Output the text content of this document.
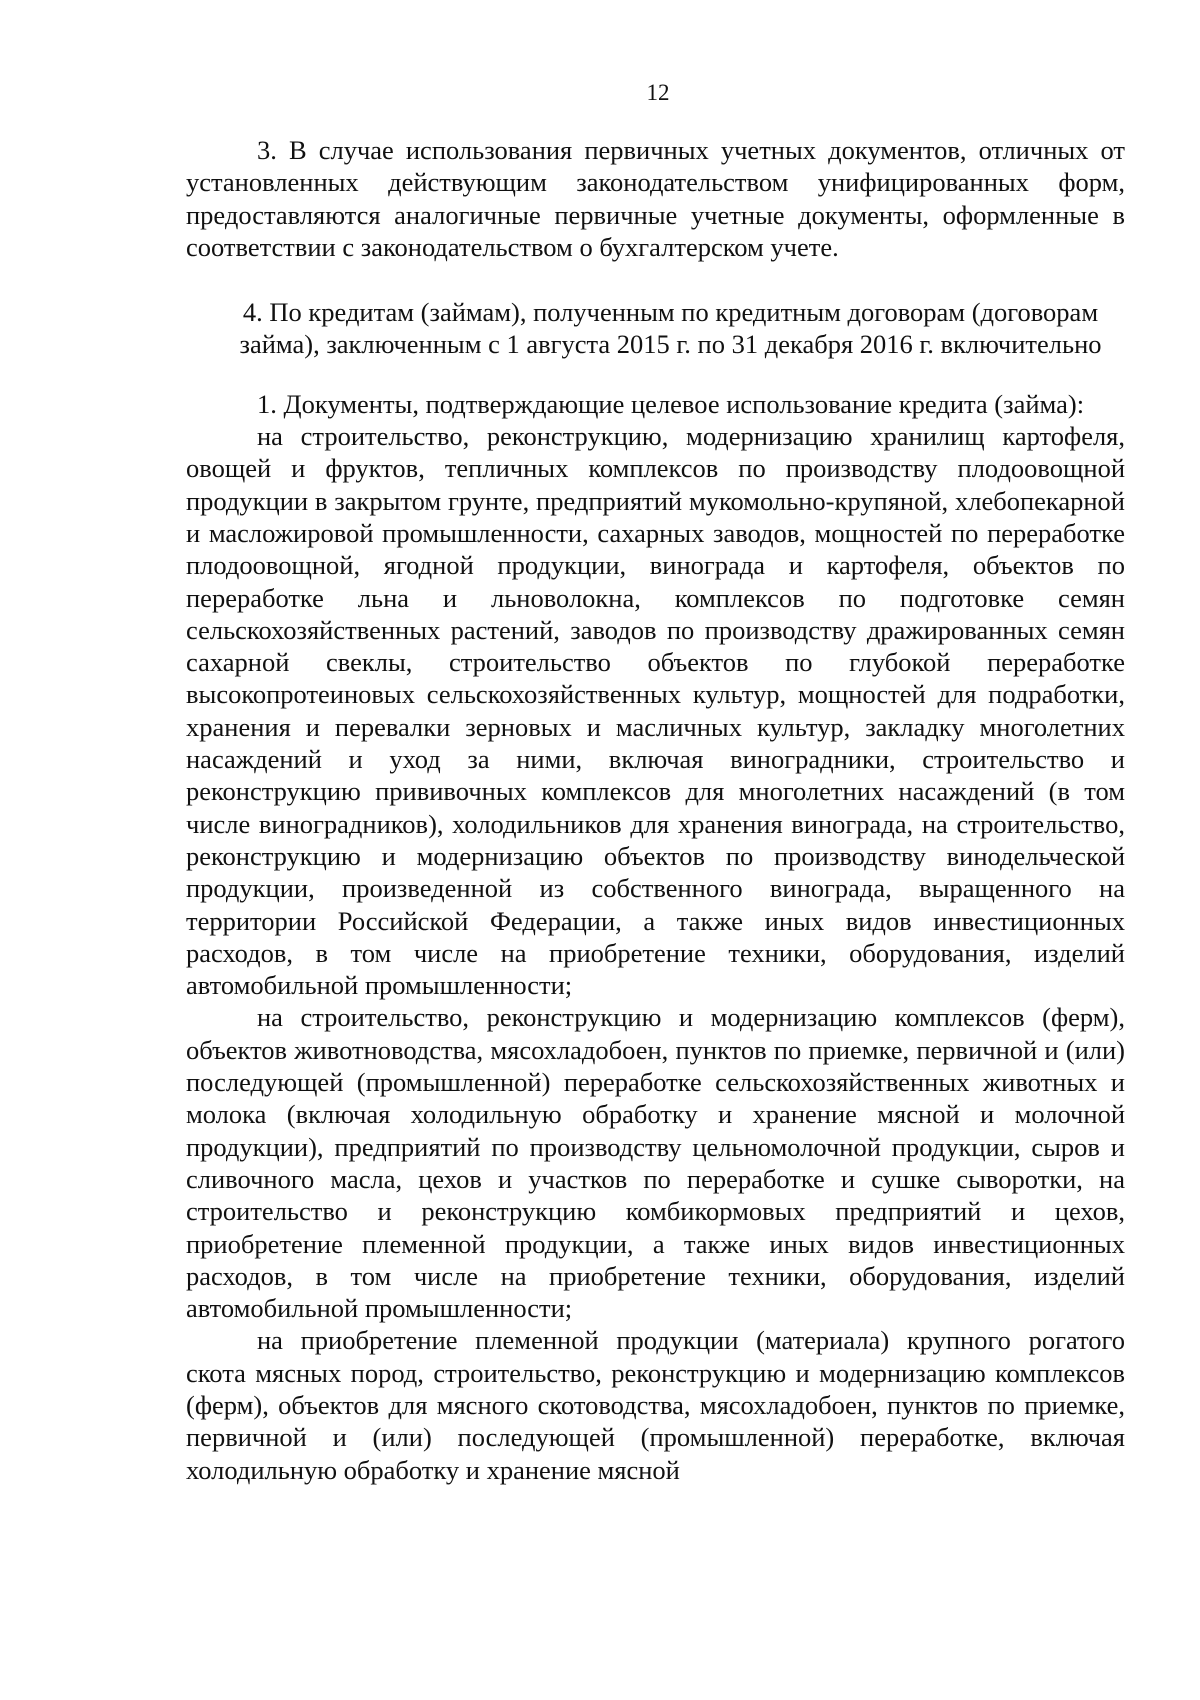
12

3. В случае использования первичных учетных документов, отличных от установленных действующим законодательством унифицированных форм, предоставляются аналогичные первичные учетные документы, оформленные в соответствии с законодательством о бухгалтерском учете.

4. По кредитам (займам), полученным по кредитным договорам (договорам займа), заключенным с 1 августа 2015 г. по 31 декабря 2016 г. включительно

1. Документы, подтверждающие целевое использование кредита (займа):

на строительство, реконструкцию, модернизацию хранилищ картофеля, овощей и фруктов, тепличных комплексов по производству плодоовощной продукции в закрытом грунте, предприятий мукомольно-крупяной, хлебопекарной и масложировой промышленности, сахарных заводов, мощностей по переработке плодоовощной, ягодной продукции, винограда и картофеля, объектов по переработке льна и льноволокна, комплексов по подготовке семян сельскохозяйственных растений, заводов по производству дражированных семян сахарной свеклы, строительство объектов по глубокой переработке высокопротеиновых сельскохозяйственных культур, мощностей для подработки, хранения и перевалки зерновых и масличных культур, закладку многолетних насаждений и уход за ними, включая виноградники, строительство и реконструкцию прививочных комплексов для многолетних насаждений (в том числе виноградников), холодильников для хранения винограда, на строительство, реконструкцию и модернизацию объектов по производству винодельческой продукции, произведенной из собственного винограда, выращенного на территории Российской Федерации, а также иных видов инвестиционных расходов, в том числе на приобретение техники, оборудования, изделий автомобильной промышленности;

на строительство, реконструкцию и модернизацию комплексов (ферм), объектов животноводства, мясохладобоен, пунктов по приемке, первичной и (или) последующей (промышленной) переработке сельскохозяйственных животных и молока (включая холодильную обработку и хранение мясной и молочной продукции), предприятий по производству цельномолочной продукции, сыров и сливочного масла, цехов и участков по переработке и сушке сыворотки, на строительство и реконструкцию комбикормовых предприятий и цехов, приобретение племенной продукции, а также иных видов инвестиционных расходов, в том числе на приобретение техники, оборудования, изделий автомобильной промышленности;

на приобретение племенной продукции (материала) крупного рогатого скота мясных пород, строительство, реконструкцию и модернизацию комплексов (ферм), объектов для мясного скотоводства, мясохладобоен, пунктов по приемке, первичной и (или) последующей (промышленной) переработке, включая холодильную обработку и хранение мясной
